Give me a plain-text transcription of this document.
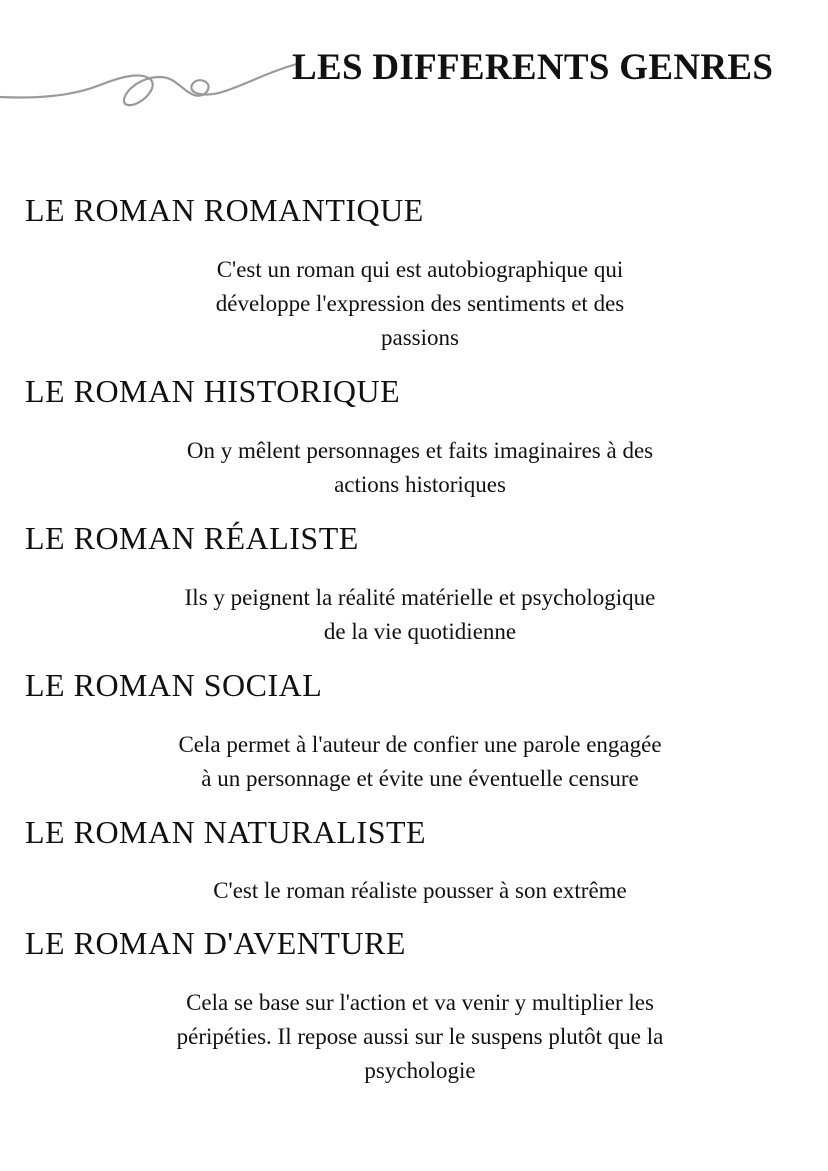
LES DIFFERENTS GENRES
LE ROMAN ROMANTIQUE

C'est un roman qui est autobiographique qui
développe l'expression des sentiments et des
passions

LE ROMAN HISTORIQUE

On y mêlent personnages et faits imaginaires à des
actions historiques

LE ROMAN RÉALISTE

Ils y peignent la réalité matérielle et psychologique
de la vie quotidienne

LE ROMAN SOCIAL

Cela permet à l'auteur de confier une parole engagée
à un personnage et évite une éventuelle censure

LE ROMAN NATURALISTE

C'est le roman réaliste pousser à son extrême

LE ROMAN D'AVENTURE

Cela se base sur l'action et va venir y multiplier les
péripéties. Il repose aussi sur le suspens plutôt que la
psychologie
